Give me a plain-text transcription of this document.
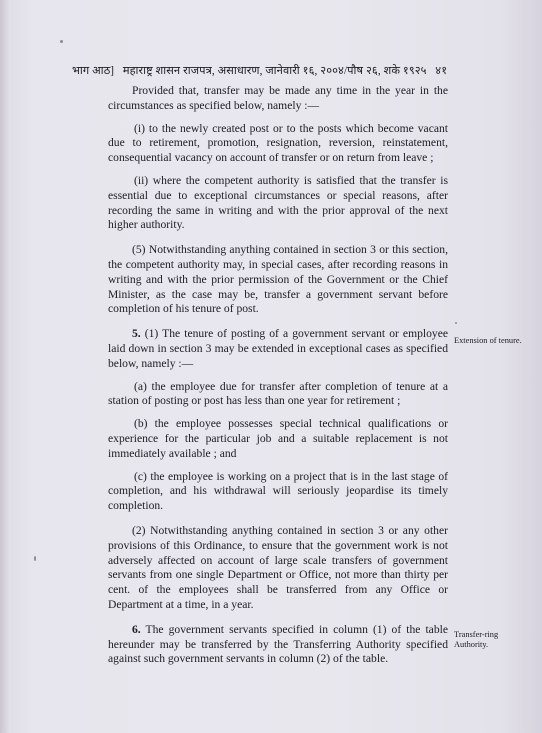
भाग आठ] महाराष्ट्र शासन राजपत्र, असाधारण, जानेवारी १६, २००४/पौष २६, शके १९२५ ४१

Provided that, transfer may be made any time in the year in the circumstances as specified below, namely :—

(i) to the newly created post or to the posts which become vacant due to retirement, promotion, resignation, reversion, reinstatement, consequential vacancy on account of transfer or on return from leave ;

(ii) where the competent authority is satisfied that the transfer is essential due to exceptional circumstances or special reasons, after recording the same in writing and with the prior approval of the next higher authority.

(5) Notwithstanding anything contained in section 3 or this section, the competent authority may, in special cases, after recording reasons in writing and with the prior permission of the Government or the Chief Minister, as the case may be, transfer a government servant before completion of his tenure of post.

5. (1) The tenure of posting of a government servant or employee laid down in section 3 may be extended in exceptional cases as specified below, namely :—

(a) the employee due for transfer after completion of tenure at a station of posting or post has less than one year for retirement ;

(b) the employee possesses special technical qualifications or experience for the particular job and a suitable replacement is not immediately available ; and

(c) the employee is working on a project that is in the last stage of completion, and his withdrawal will seriously jeopardise its timely completion.

(2) Notwithstanding anything contained in section 3 or any other provisions of this Ordinance, to ensure that the government work is not adversely affected on account of large scale transfers of government servants from one single Department or Office, not more than thirty per cent. of the employees shall be transferred from any Office or Department at a time, in a year.

6. The government servants specified in column (1) of the table hereunder may be transferred by the Transferring Authority specified against such government servants in column (2) of the table.

Extension of tenure.
Transfer-ring Authority.
